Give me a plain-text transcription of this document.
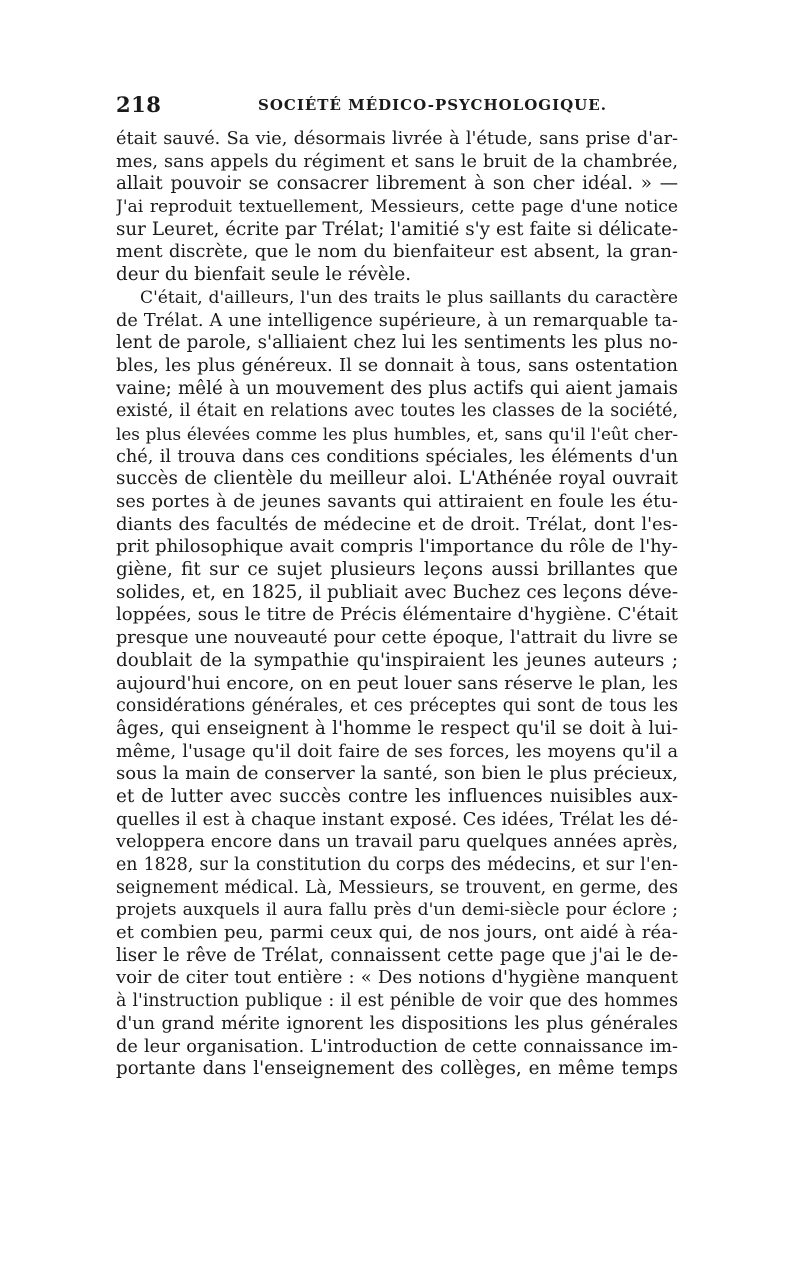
218	SOCIÉTÉ MÉDICO-PSYCHOLOGIQUE.
était sauvé. Sa vie, désormais livrée à l'étude, sans prise d'ar-
mes, sans appels du régiment et sans le bruit de la chambrée,
allait pouvoir se consacrer librement à son cher idéal. » —
J'ai reproduit textuellement, Messieurs, cette page d'une notice
sur Leuret, écrite par Trélat; l'amitié s'y est faite si délicate-
ment discrète, que le nom du bienfaiteur est absent, la gran-
deur du bienfait seule le révèle.
C'était, d'ailleurs, l'un des traits le plus saillants du caractère
de Trélat. A une intelligence supérieure, à un remarquable ta-
lent de parole, s'alliaient chez lui les sentiments les plus no-
bles, les plus généreux. Il se donnait à tous, sans ostentation
vaine; mêlé à un mouvement des plus actifs qui aient jamais
existé, il était en relations avec toutes les classes de la société,
les plus élevées comme les plus humbles, et, sans qu'il l'eût cher-
ché, il trouva dans ces conditions spéciales, les éléments d'un
succès de clientèle du meilleur aloi. L'Athénée royal ouvrait
ses portes à de jeunes savants qui attiraient en foule les étu-
diants des facultés de médecine et de droit. Trélat, dont l'es-
prit philosophique avait compris l'importance du rôle de l'hy-
giène, fit sur ce sujet plusieurs leçons aussi brillantes que
solides, et, en 1825, il publiait avec Buchez ces leçons déve-
loppées, sous le titre de Précis élémentaire d'hygiène. C'était
presque une nouveauté pour cette époque, l'attrait du livre se
doublait de la sympathie qu'inspiraient les jeunes auteurs ;
aujourd'hui encore, on en peut louer sans réserve le plan, les
considérations générales, et ces préceptes qui sont de tous les
âges, qui enseignent à l'homme le respect qu'il se doit à lui-
même, l'usage qu'il doit faire de ses forces, les moyens qu'il a
sous la main de conserver la santé, son bien le plus précieux,
et de lutter avec succès contre les influences nuisibles aux-
quelles il est à chaque instant exposé. Ces idées, Trélat les dé-
veloppera encore dans un travail paru quelques années après,
en 1828, sur la constitution du corps des médecins, et sur l'en-
seignement médical. Là, Messieurs, se trouvent, en germe, des
projets auxquels il aura fallu près d'un demi-siècle pour éclore ;
et combien peu, parmi ceux qui, de nos jours, ont aidé à réa-
liser le rêve de Trélat, connaissent cette page que j'ai le de-
voir de citer tout entière : « Des notions d'hygiène manquent
à l'instruction publique : il est pénible de voir que des hommes
d'un grand mérite ignorent les dispositions les plus générales
de leur organisation. L'introduction de cette connaissance im-
portante dans l'enseignement des collèges, en même temps
